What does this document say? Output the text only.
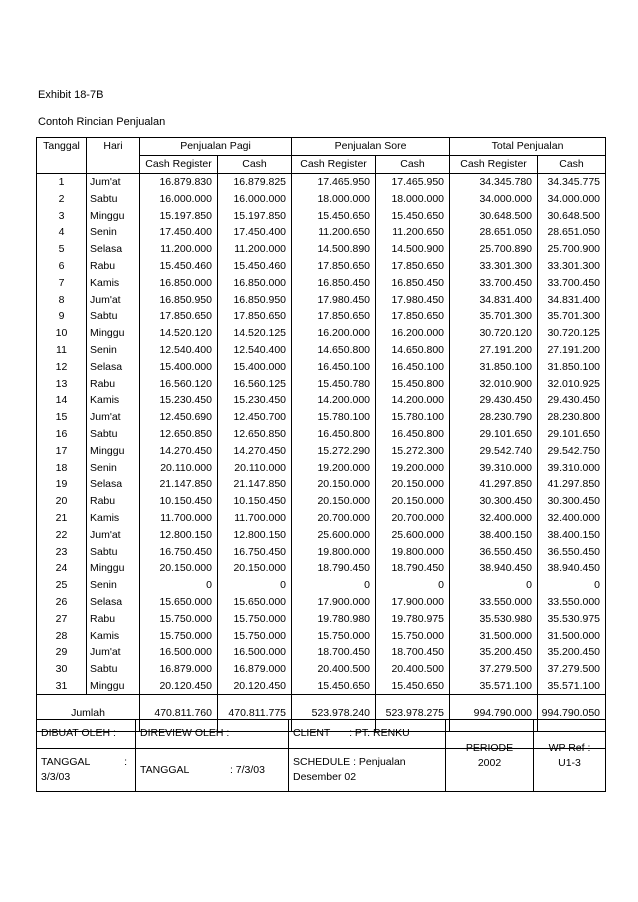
Exhibit 18-7B
Contoh Rincian Penjualan
Tanggal	Hari	Penjualan Pagi		Penjualan Sore		Total Penjualan	
		Cash Register	Cash	Cash Register	Cash	Cash Register	Cash
1	Jum'at	16.879.830	16.879.825	17.465.950	17.465.950	34.345.780	34.345.775
2	Sabtu	16.000.000	16.000.000	18.000.000	18.000.000	34.000.000	34.000.000
3	Minggu	15.197.850	15.197.850	15.450.650	15.450.650	30.648.500	30.648.500
4	Senin	17.450.400	17.450.400	11.200.650	11.200.650	28.651.050	28.651.050
5	Selasa	11.200.000	11.200.000	14.500.890	14.500.900	25.700.890	25.700.900
6	Rabu	15.450.460	15.450.460	17.850.650	17.850.650	33.301.300	33.301.300
7	Kamis	16.850.000	16.850.000	16.850.450	16.850.450	33.700.450	33.700.450
8	Jum'at	16.850.950	16.850.950	17.980.450	17.980.450	34.831.400	34.831.400
9	Sabtu	17.850.650	17.850.650	17.850.650	17.850.650	35.701.300	35.701.300
10	Minggu	14.520.120	14.520.125	16.200.000	16.200.000	30.720.120	30.720.125
11	Senin	12.540.400	12.540.400	14.650.800	14.650.800	27.191.200	27.191.200
12	Selasa	15.400.000	15.400.000	16.450.100	16.450.100	31.850.100	31.850.100
13	Rabu	16.560.120	16.560.125	15.450.780	15.450.800	32.010.900	32.010.925
14	Kamis	15.230.450	15.230.450	14.200.000	14.200.000	29.430.450	29.430.450
15	Jum'at	12.450.690	12.450.700	15.780.100	15.780.100	28.230.790	28.230.800
16	Sabtu	12.650.850	12.650.850	16.450.800	16.450.800	29.101.650	29.101.650
17	Minggu	14.270.450	14.270.450	15.272.290	15.272.300	29.542.740	29.542.750
18	Senin	20.110.000	20.110.000	19.200.000	19.200.000	39.310.000	39.310.000
19	Selasa	21.147.850	21.147.850	20.150.000	20.150.000	41.297.850	41.297.850
20	Rabu	10.150.450	10.150.450	20.150.000	20.150.000	30.300.450	30.300.450
21	Kamis	11.700.000	11.700.000	20.700.000	20.700.000	32.400.000	32.400.000
22	Jum'at	12.800.150	12.800.150	25.600.000	25.600.000	38.400.150	38.400.150
23	Sabtu	16.750.450	16.750.450	19.800.000	19.800.000	36.550.450	36.550.450
24	Minggu	20.150.000	20.150.000	18.790.450	18.790.450	38.940.450	38.940.450
25	Senin	0	0	0	0	0	0
26	Selasa	15.650.000	15.650.000	17.900.000	17.900.000	33.550.000	33.550.000
27	Rabu	15.750.000	15.750.000	19.780.980	19.780.975	35.530.980	35.530.975
28	Kamis	15.750.000	15.750.000	15.750.000	15.750.000	31.500.000	31.500.000
29	Jum'at	16.500.000	16.500.000	18.700.450	18.700.450	35.200.450	35.200.450
30	Sabtu	16.879.000	16.879.000	20.400.500	20.400.500	37.279.500	37.279.500
31	Minggu	20.120.450	20.120.450	15.450.650	15.450.650	35.571.100	35.571.100
Jumlah		470.811.760	470.811.775	523.978.240	523.978.275	994.790.000	994.790.050

DIBUAT OLEH :
TANGGAL	:
3/3/03

DIREVIEW OLEH :
TANGGAL	: 7/3/03

CLIENT : PT. RENKU
SCHEDULE : Penjualan
Desember 02

PERIODE
2002

WP Ref :
U1-3
